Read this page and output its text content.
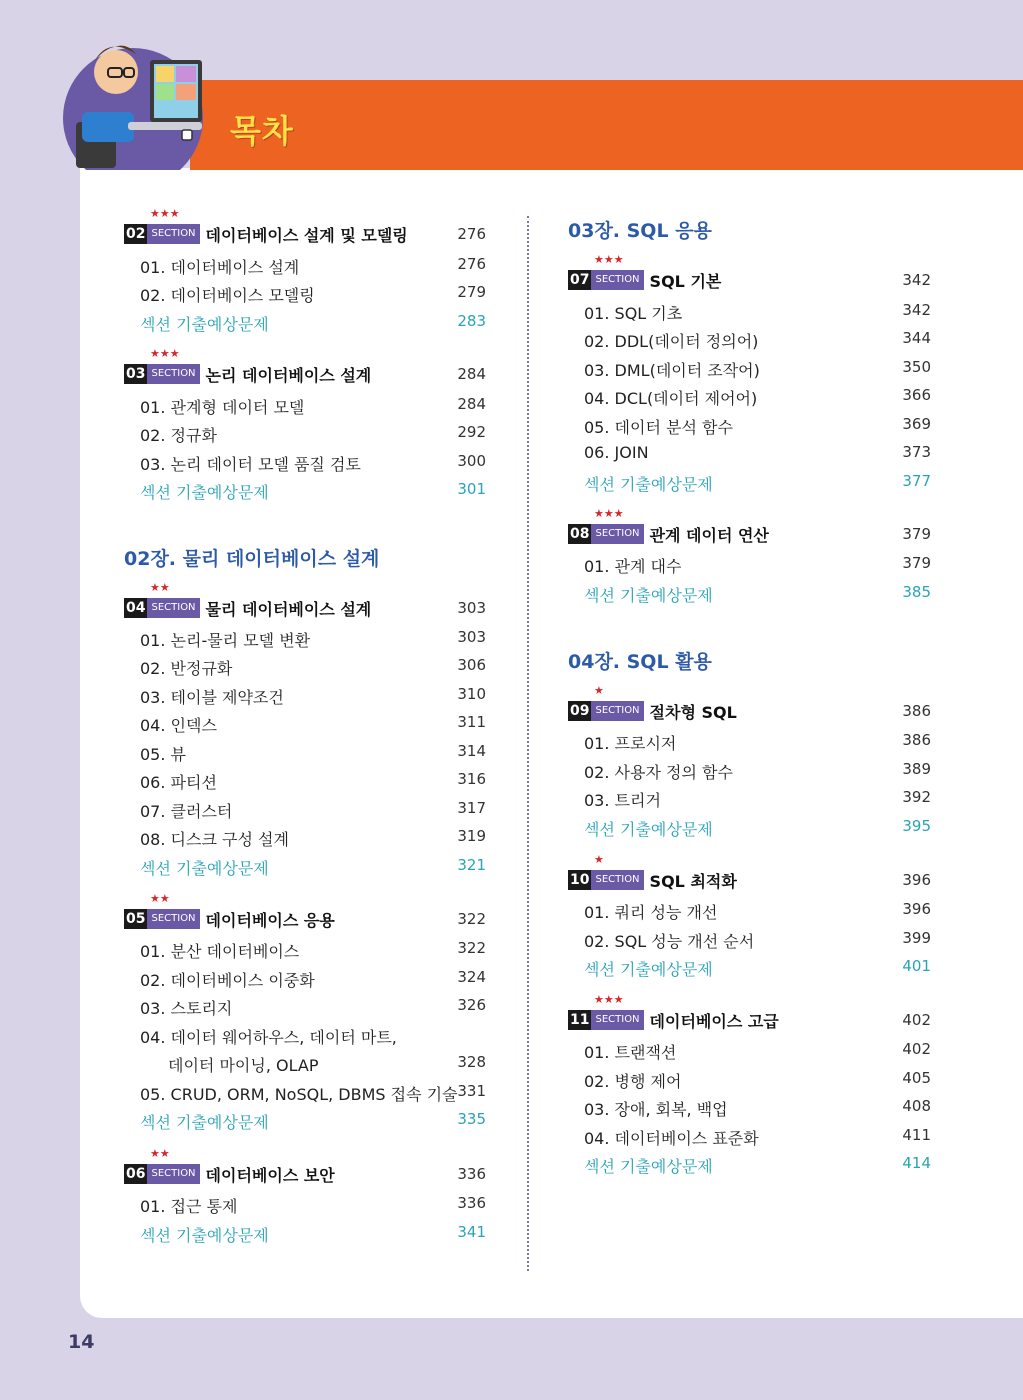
목차
★★★
02 SECTION 데이터베이스 설계 및 모델링	276
01. 데이터베이스 설계	276
02. 데이터베이스 모델링	279
섹션 기출예상문제	283
★★★
03 SECTION 논리 데이터베이스 설계	284
01. 관계형 데이터 모델	284
02. 정규화	292
03. 논리 데이터 모델 품질 검토	300
섹션 기출예상문제	301
02장. 물리 데이터베이스 설계
★★
04 SECTION 물리 데이터베이스 설계	303
01. 논리-물리 모델 변환	303
02. 반정규화	306
03. 테이블 제약조건	310
04. 인덱스	311
05. 뷰	314
06. 파티션	316
07. 클러스터	317
08. 디스크 구성 설계	319
섹션 기출예상문제	321
★★
05 SECTION 데이터베이스 응용	322
01. 분산 데이터베이스	322
02. 데이터베이스 이중화	324
03. 스토리지	326
04. 데이터 웨어하우스, 데이터 마트,
데이터 마이닝, OLAP	328
05. CRUD, ORM, NoSQL, DBMS 접속 기술 331
섹션 기출예상문제	335
★★
06 SECTION 데이터베이스 보안	336
01. 접근 통제	336
섹션 기출예상문제	341
03장. SQL 응용
★★★
07 SECTION SQL 기본	342
01. SQL 기초	342
02. DDL(데이터 정의어)	344
03. DML(데이터 조작어)	350
04. DCL(데이터 제어어)	366
05. 데이터 분석 함수	369
06. JOIN	373
섹션 기출예상문제	377
★★★
08 SECTION 관계 데이터 연산	379
01. 관계 대수	379
섹션 기출예상문제	385
04장. SQL 활용
★
09 SECTION 절차형 SQL	386
01. 프로시저	386
02. 사용자 정의 함수	389
03. 트리거	392
섹션 기출예상문제	395
★
10 SECTION SQL 최적화	396
01. 쿼리 성능 개선	396
02. SQL 성능 개선 순서	399
섹션 기출예상문제	401
★★★
11 SECTION 데이터베이스 고급	402
01. 트랜잭션	402
02. 병행 제어	405
03. 장애, 회복, 백업	408
04. 데이터베이스 표준화	411
섹션 기출예상문제	414
14
